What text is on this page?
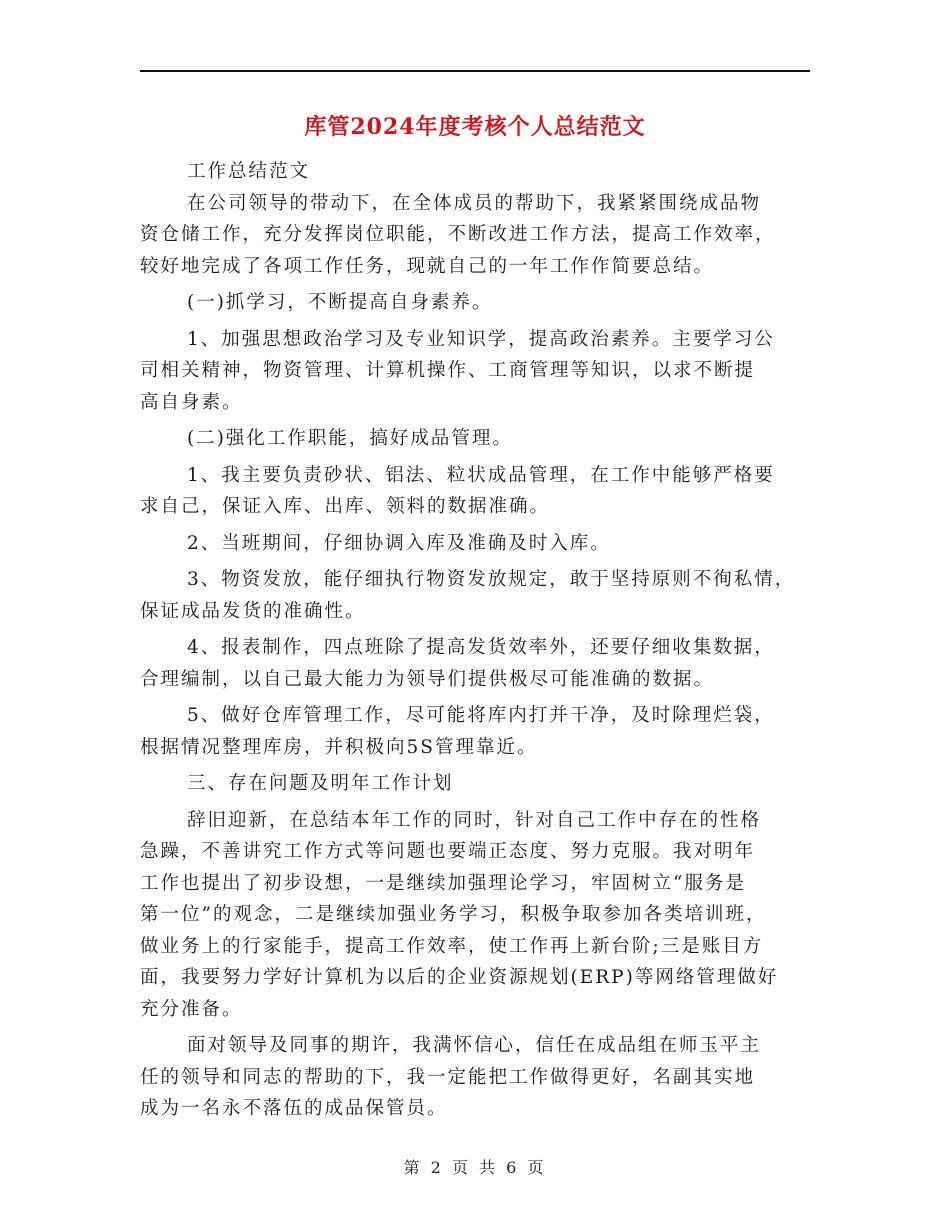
库管2024年度考核个人总结范文
工作总结范文
在公司领导的带动下，在全体成员的帮助下，我紧紧围绕成品物
资仓储工作，充分发挥岗位职能，不断改进工作方法，提高工作效率，
较好地完成了各项工作任务，现就自己的一年工作作简要总结。
(一)抓学习，不断提高自身素养。
1、加强思想政治学习及专业知识学，提高政治素养。主要学习公
司相关精神，物资管理、计算机操作、工商管理等知识，以求不断提
高自身素。
(二)强化工作职能，搞好成品管理。
1、我主要负责砂状、铝法、粒状成品管理，在工作中能够严格要
求自己，保证入库、出库、领料的数据准确。
2、当班期间，仔细协调入库及准确及时入库。
3、物资发放，能仔细执行物资发放规定，敢于坚持原则不徇私情，
保证成品发货的准确性。
4、报表制作，四点班除了提高发货效率外，还要仔细收集数据，
合理编制，以自己最大能力为领导们提供极尽可能准确的数据。
5、做好仓库管理工作，尽可能将库内打并干净，及时除理烂袋，
根据情况整理库房，并积极向5S管理靠近。
三、存在问题及明年工作计划
辞旧迎新，在总结本年工作的同时，针对自己工作中存在的性格
急躁，不善讲究工作方式等问题也要端正态度、努力克服。我对明年
工作也提出了初步设想，一是继续加强理论学习，牢固树立“服务是
第一位”的观念，二是继续加强业务学习，积极争取参加各类培训班，
做业务上的行家能手，提高工作效率，使工作再上新台阶;三是账目方
面，我要努力学好计算机为以后的企业资源规划(ERP)等网络管理做好
充分准备。
面对领导及同事的期许，我满怀信心，信任在成品组在师玉平主
任的领导和同志的帮助的下，我一定能把工作做得更好，名副其实地
成为一名永不落伍的成品保管员。
第 2 页 共 6 页
